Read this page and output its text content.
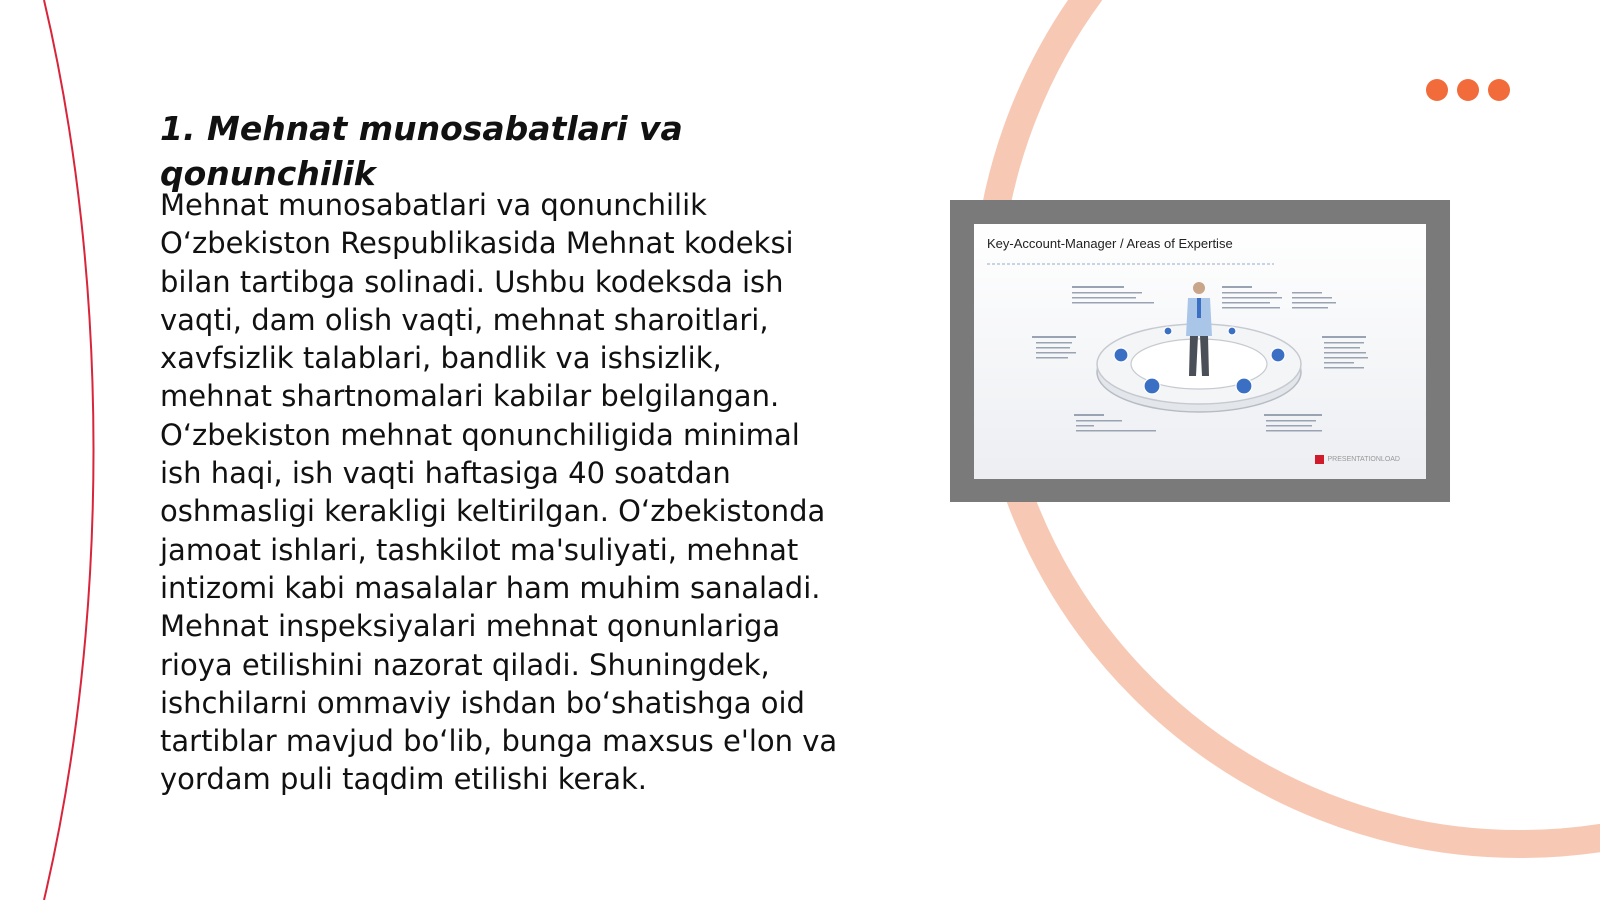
1. Mehnat munosabatlari va qonunchilik

Mehnat munosabatlari va qonunchilik O‘zbekiston Respublikasida Mehnat kodeksi bilan tartibga solinadi. Ushbu kodeksda ish vaqti, dam olish vaqti, mehnat sharoitlari, xavfsizlik talablari, bandlik va ishsizlik, mehnat shartnomalari kabilar belgilangan. O‘zbekiston mehnat qonunchiligida minimal ish haqi, ish vaqti haftasiga 40 soatdan oshmasligi kerakligi keltirilgan. O‘zbekistonda jamoat ishlari, tashkilot ma'suliyati, mehnat intizomi kabi masalalar ham muhim sanaladi. Mehnat inspeksiyalari mehnat qonunlariga rioya etilishini nazorat qiladi. Shuningdek, ishchilarni ommaviy ishdan bo‘shatishga oid tartiblar mavjud bo‘lib, bunga maxsus e'lon va yordam puli taqdim etilishi kerak.

Key-Account-Manager / Areas of Expertise

PRESENTATIONLOAD
